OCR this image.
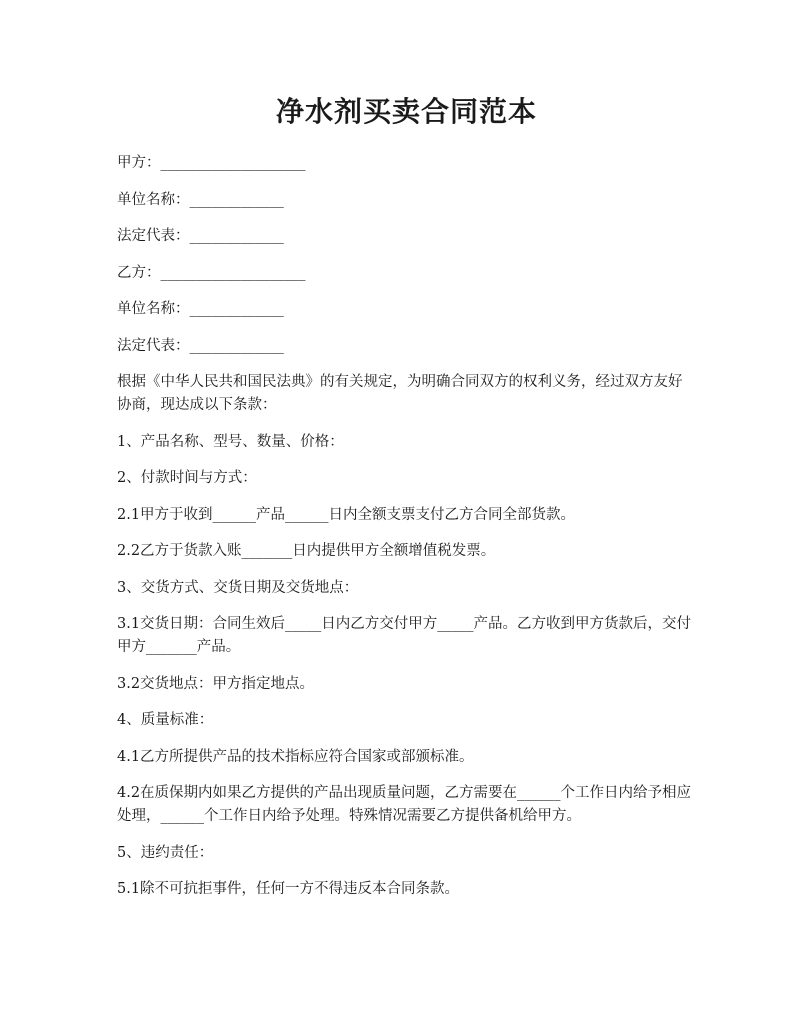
净水剂买卖合同范本

甲方：____________________

单位名称：_____________

法定代表：_____________

乙方：____________________

单位名称：_____________

法定代表：_____________

根据《中华人民共和国民法典》的有关规定，为明确合同双方的权利义务，经过双方友好协商，现达成以下条款：

1、产品名称、型号、数量、价格：

2、付款时间与方式：

2.1甲方于收到______产品______日内全额支票支付乙方合同全部货款。

2.2乙方于货款入账_______日内提供甲方全额增值税发票。

3、交货方式、交货日期及交货地点：

3.1交货日期：合同生效后_____日内乙方交付甲方_____产品。乙方收到甲方货款后，交付甲方_______产品。

3.2交货地点：甲方指定地点。

4、质量标准：

4.1乙方所提供产品的技术指标应符合国家或部颁标准。

4.2在质保期内如果乙方提供的产品出现质量问题，乙方需要在______个工作日内给予相应处理，______个工作日内给予处理。特殊情况需要乙方提供备机给甲方。

5、违约责任：

5.1除不可抗拒事件，任何一方不得违反本合同条款。
